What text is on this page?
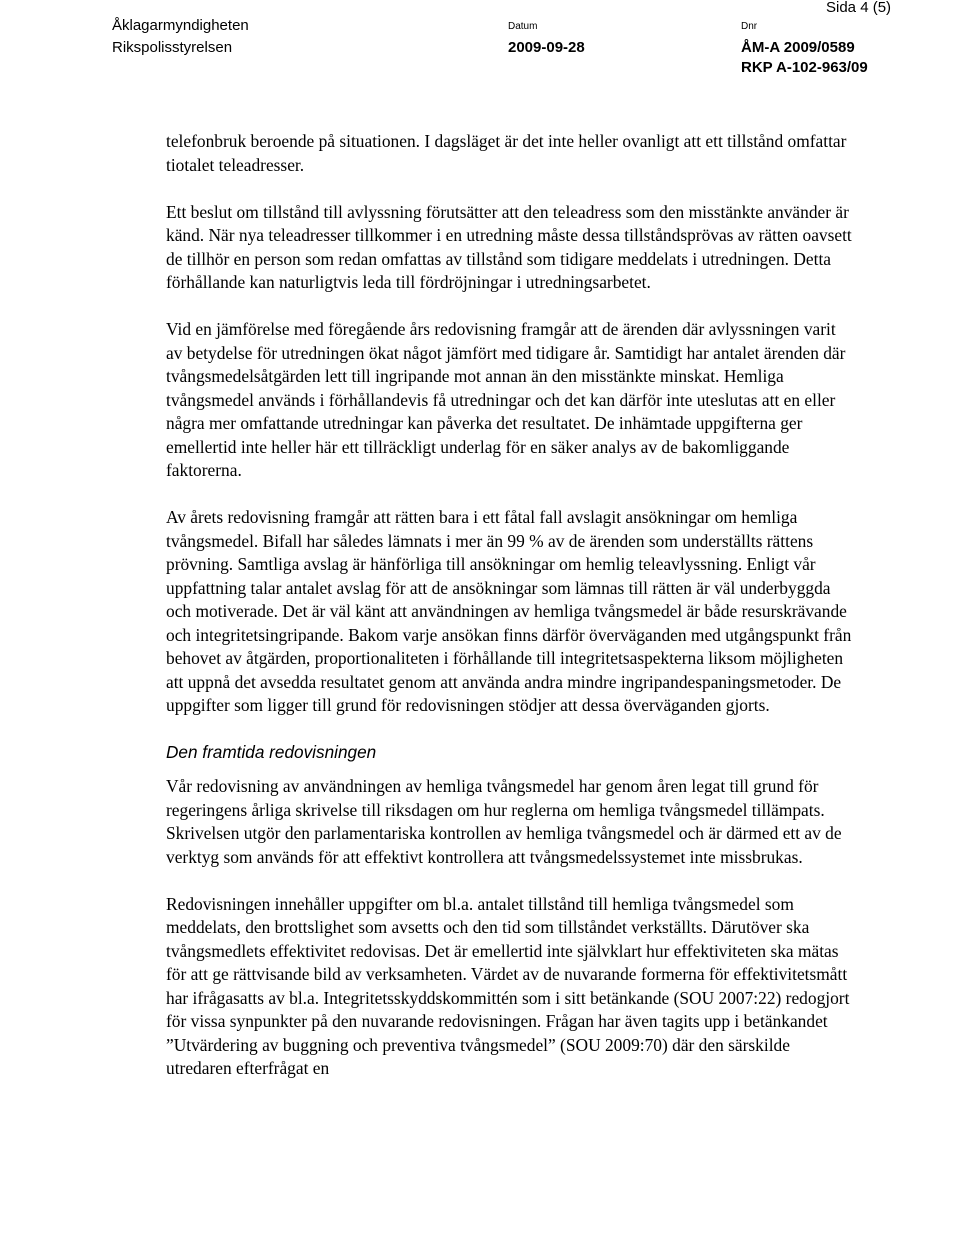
Åklagarmyndigheten
Rikspolisstyrelsen
Datum
2009-09-28
Dnr
ÅM-A 2009/0589
RKP A-102-963/09
Sida 4 (5)

telefonbruk beroende på situationen. I dagsläget är det inte heller ovanligt att ett tillstånd omfattar tiotalet teleadresser.

Ett beslut om tillstånd till avlyssning förutsätter att den teleadress som den misstänkte använder är känd. När nya teleadresser tillkommer i en utredning måste dessa tillståndsprövas av rätten oavsett de tillhör en person som redan omfattas av tillstånd som tidigare meddelats i utredningen. Detta förhållande kan naturligtvis leda till fördröjningar i utredningsarbetet.

Vid en jämförelse med föregående års redovisning framgår att de ärenden där avlyssningen varit av betydelse för utredningen ökat något jämfört med tidigare år. Samtidigt har antalet ärenden där tvångsmedelsåtgärden lett till ingripande mot annan än den misstänkte minskat. Hemliga tvångsmedel används i förhållandevis få utredningar och det kan därför inte uteslutas att en eller några mer omfattande utredningar kan påverka det resultatet. De inhämtade uppgifterna ger emellertid inte heller här ett tillräckligt underlag för en säker analys av de bakomliggande faktorerna.

Av årets redovisning framgår att rätten bara i ett fåtal fall avslagit ansökningar om hemliga tvångsmedel. Bifall har således lämnats i mer än 99 % av de ärenden som underställts rättens prövning. Samtliga avslag är hänförliga till ansökningar om hemlig teleavlyssning. Enligt vår uppfattning talar antalet avslag för att de ansökningar som lämnas till rätten är väl underbyggda och motiverade. Det är väl känt att användningen av hemliga tvångsmedel är både resurskrävande och integritetsingripande. Bakom varje ansökan finns därför överväganden med utgångspunkt från behovet av åtgärden, proportionaliteten i förhållande till integritetsaspekterna liksom möjligheten att uppnå det avsedda resultatet genom att använda andra mindre ingripandespaningsmetoder. De uppgifter som ligger till grund för redovisningen stödjer att dessa överväganden gjorts.

Den framtida redovisningen

Vår redovisning av användningen av hemliga tvångsmedel har genom åren legat till grund för regeringens årliga skrivelse till riksdagen om hur reglerna om hemliga tvångsmedel tillämpats. Skrivelsen utgör den parlamentariska kontrollen av hemliga tvångsmedel och är därmed ett av de verktyg som används för att effektivt kontrollera att tvångsmedelssystemet inte missbrukas.

Redovisningen innehåller uppgifter om bl.a. antalet tillstånd till hemliga tvångsmedel som meddelats, den brottslighet som avsetts och den tid som tillståndet verkställts. Därutöver ska tvångsmedlets effektivitet redovisas. Det är emellertid inte självklart hur effektiviteten ska mätas för att ge rättvisande bild av verksamheten. Värdet av de nuvarande formerna för effektivitetsmått har ifrågasatts av bl.a. Integritetsskyddskommittén som i sitt betänkande (SOU 2007:22) redogjort för vissa synpunkter på den nuvarande redovisningen. Frågan har även tagits upp i betänkandet ”Utvärdering av buggning och preventiva tvångsmedel” (SOU 2009:70) där den särskilde utredaren efterfrågat en
